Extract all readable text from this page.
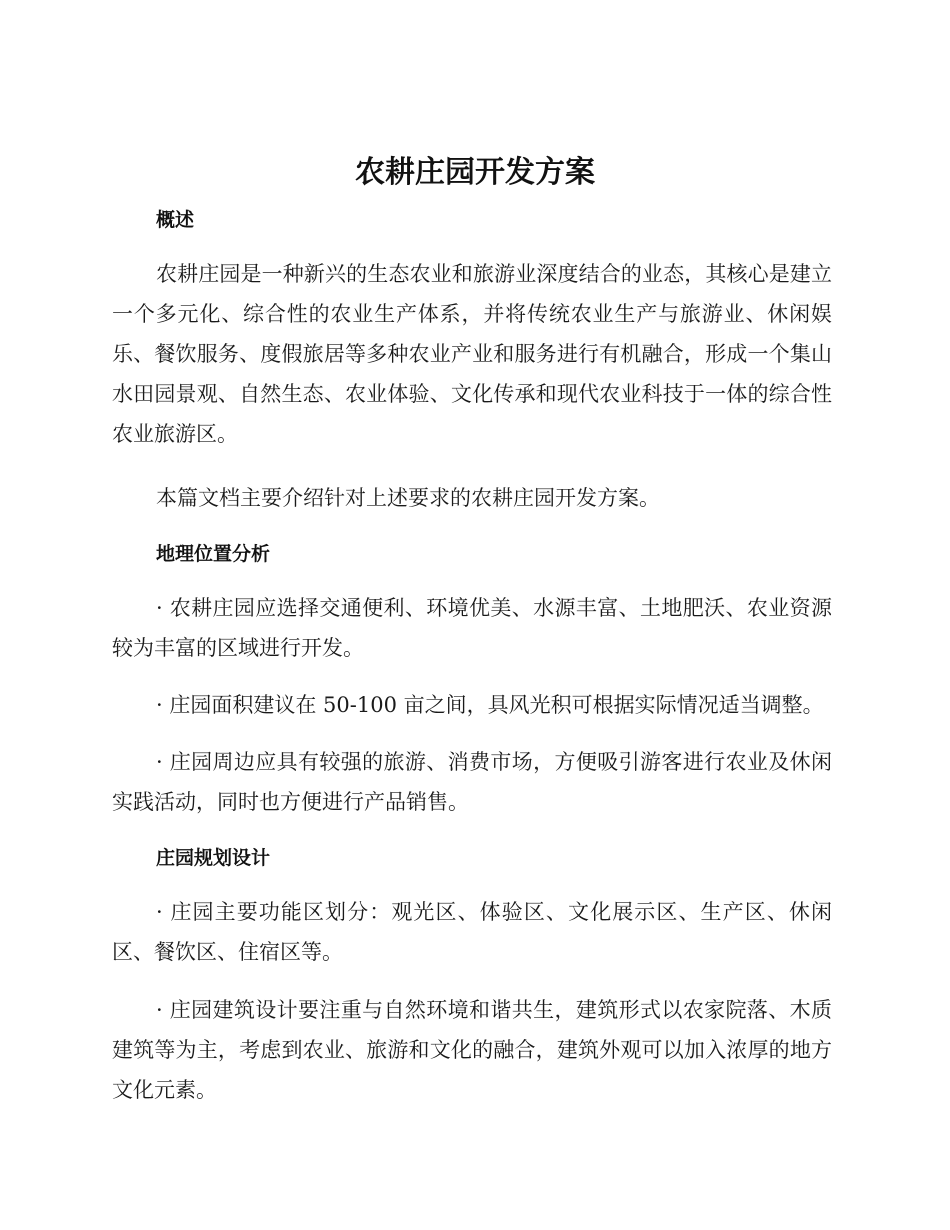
农耕庄园开发方案
概述

农耕庄园是一种新兴的生态农业和旅游业深度结合的业态，其核心是建立一个多元化、综合性的农业生产体系，并将传统农业生产与旅游业、休闲娱乐、餐饮服务、度假旅居等多种农业产业和服务进行有机融合，形成一个集山水田园景观、自然生态、农业体验、文化传承和现代农业科技于一体的综合性农业旅游区。

本篇文档主要介绍针对上述要求的农耕庄园开发方案。

地理位置分析

· 农耕庄园应选择交通便利、环境优美、水源丰富、土地肥沃、农业资源较为丰富的区域进行开发。

· 庄园面积建议在 50-100 亩之间，具风光积可根据实际情况适当调整。

· 庄园周边应具有较强的旅游、消费市场，方便吸引游客进行农业及休闲实践活动，同时也方便进行产品销售。

庄园规划设计

· 庄园主要功能区划分：观光区、体验区、文化展示区、生产区、休闲区、餐饮区、住宿区等。

· 庄园建筑设计要注重与自然环境和谐共生，建筑形式以农家院落、木质建筑等为主，考虑到农业、旅游和文化的融合，建筑外观可以加入浓厚的地方文化元素。
